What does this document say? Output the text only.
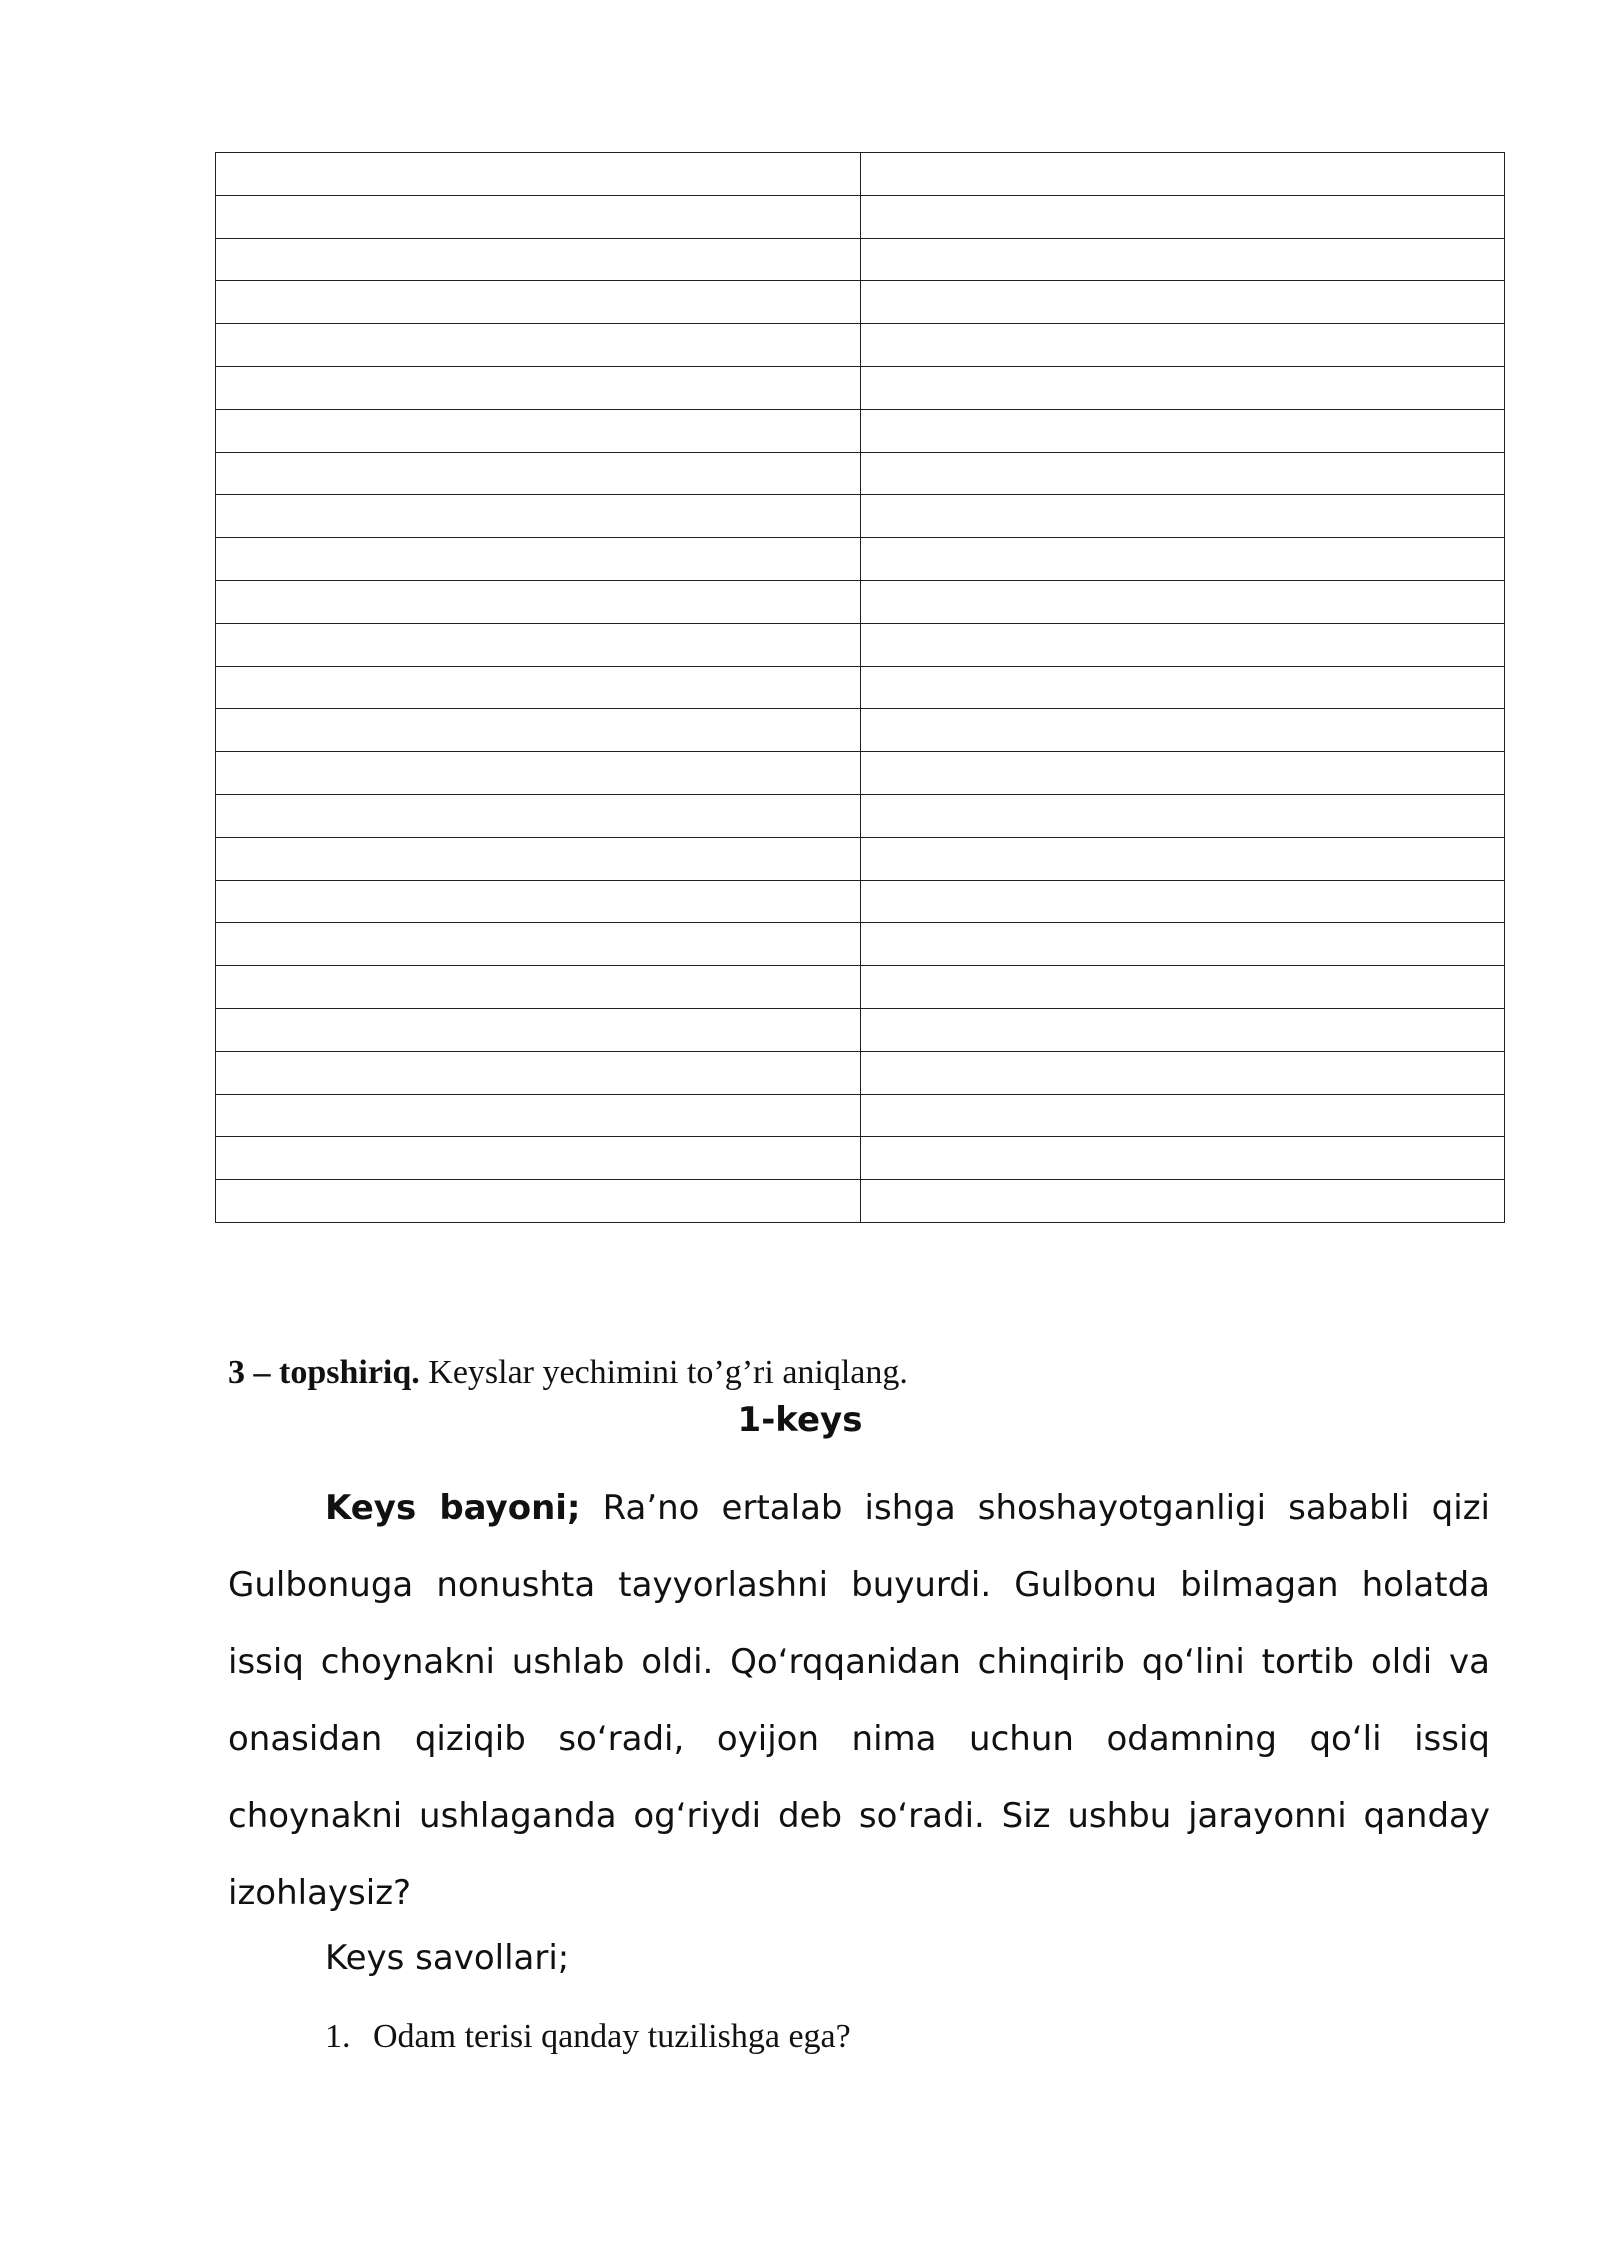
3 – topshiriq. Keyslar yechimini to’g’ri aniqlang.
1-keys

Keys bayoni; Ra’no ertalab ishga shoshayotganligi sababli qizi Gulbonuga nonushta tayyorlashni buyurdi. Gulbonu bilmagan holatda issiq choynakni ushlab oldi. Qoʻrqqanidan chinqirib qoʻlini tortib oldi va onasidan qiziqib soʻradi, oyijon nima uchun odamning qoʻli issiq choynakni ushlaganda ogʻriydi deb soʻradi. Siz ushbu jarayonni qanday izohlaysiz?

Keys savollari;
1. Odam terisi qanday tuzilishga ega?
